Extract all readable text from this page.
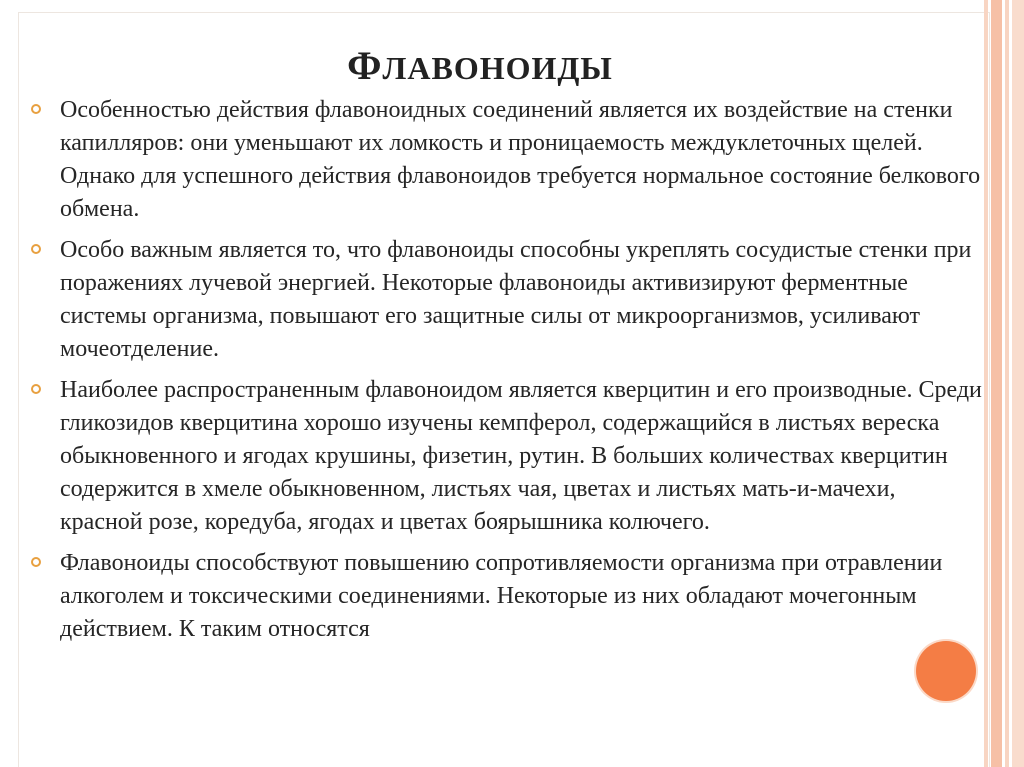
ФЛАВОНОИДЫ

Особенностью действия флавоноидных соединений является их воздействие на стенки капилляров: они уменьшают их ломкость и проницаемость междуклеточных щелей. Однако для успешного действия флавоноидов требуется нормальное состояние белкового обмена.

Особо важным является то, что флавоноиды способны укреплять сосудистые стенки при поражениях лучевой энергией. Некоторые флавоноиды активизируют ферментные системы организма, повышают его защитные силы от микроорганизмов, усиливают мочеотделение.

Наиболее распространенным флавоноидом является кверцитин и его производные. Среди гликозидов кверцитина хорошо изучены кемпферол, содержащийся в листьях вереска обыкновенного и ягодах крушины, физетин, рутин. В больших количествах кверцитин содержится в хмеле обыкновенном, листьях чая, цветах и листьях мать-и-мачехи, красной розе, коредуба, ягодах и цветах боярышника колючего.

Флавоноиды способствуют повышению сопротивляемости организма при отравлении алкоголем и токсическими соединениями. Некоторые из них обладают мочегонным действием. К таким относятся
